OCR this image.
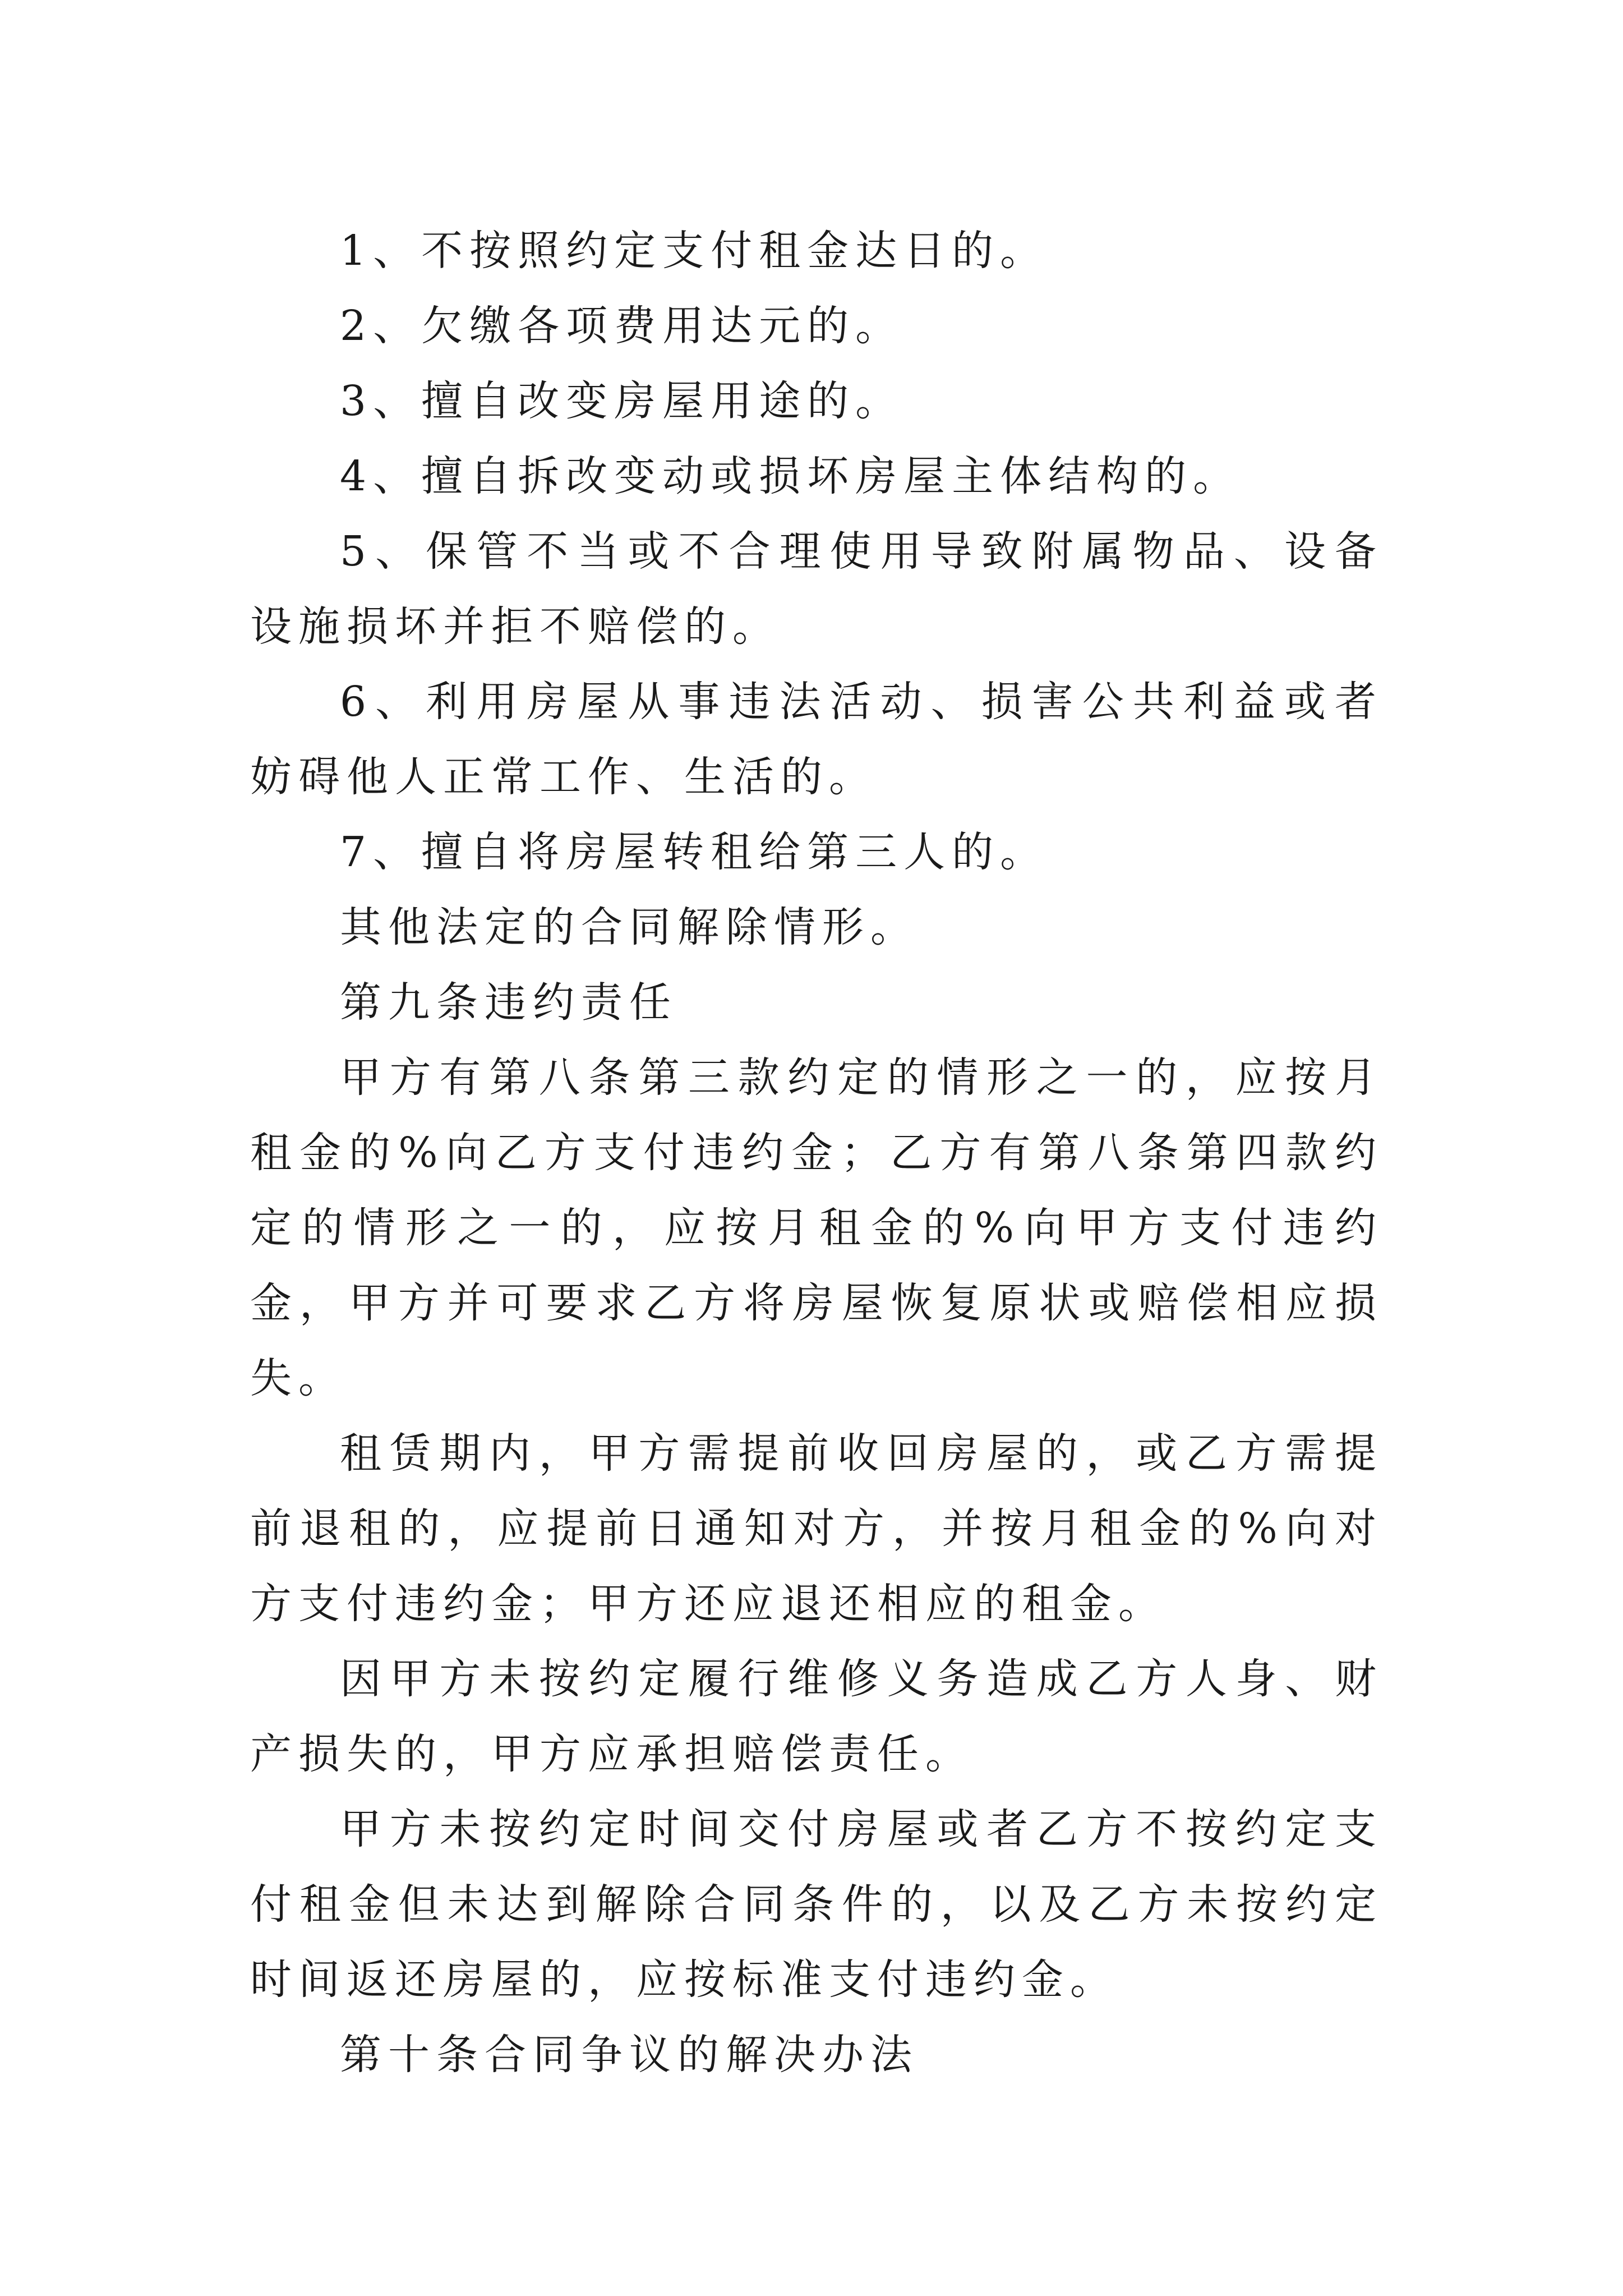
1、不按照约定支付租金达日的。

2、欠缴各项费用达元的。

3、擅自改变房屋用途的。

4、擅自拆改变动或损坏房屋主体结构的。

5、保管不当或不合理使用导致附属物品、设备设施损坏并拒不赔偿的。

6、利用房屋从事违法活动、损害公共利益或者妨碍他人正常工作、生活的。

7、擅自将房屋转租给第三人的。

其他法定的合同解除情形。

第九条违约责任

甲方有第八条第三款约定的情形之一的，应按月租金的%向乙方支付违约金；乙方有第八条第四款约定的情形之一的，应按月租金的%向甲方支付违约金，甲方并可要求乙方将房屋恢复原状或赔偿相应损失。

租赁期内，甲方需提前收回房屋的，或乙方需提前退租的，应提前日通知对方，并按月租金的%向对方支付违约金；甲方还应退还相应的租金。

因甲方未按约定履行维修义务造成乙方人身、财产损失的，甲方应承担赔偿责任。

甲方未按约定时间交付房屋或者乙方不按约定支付租金但未达到解除合同条件的，以及乙方未按约定时间返还房屋的，应按标准支付违约金。

第十条合同争议的解决办法
